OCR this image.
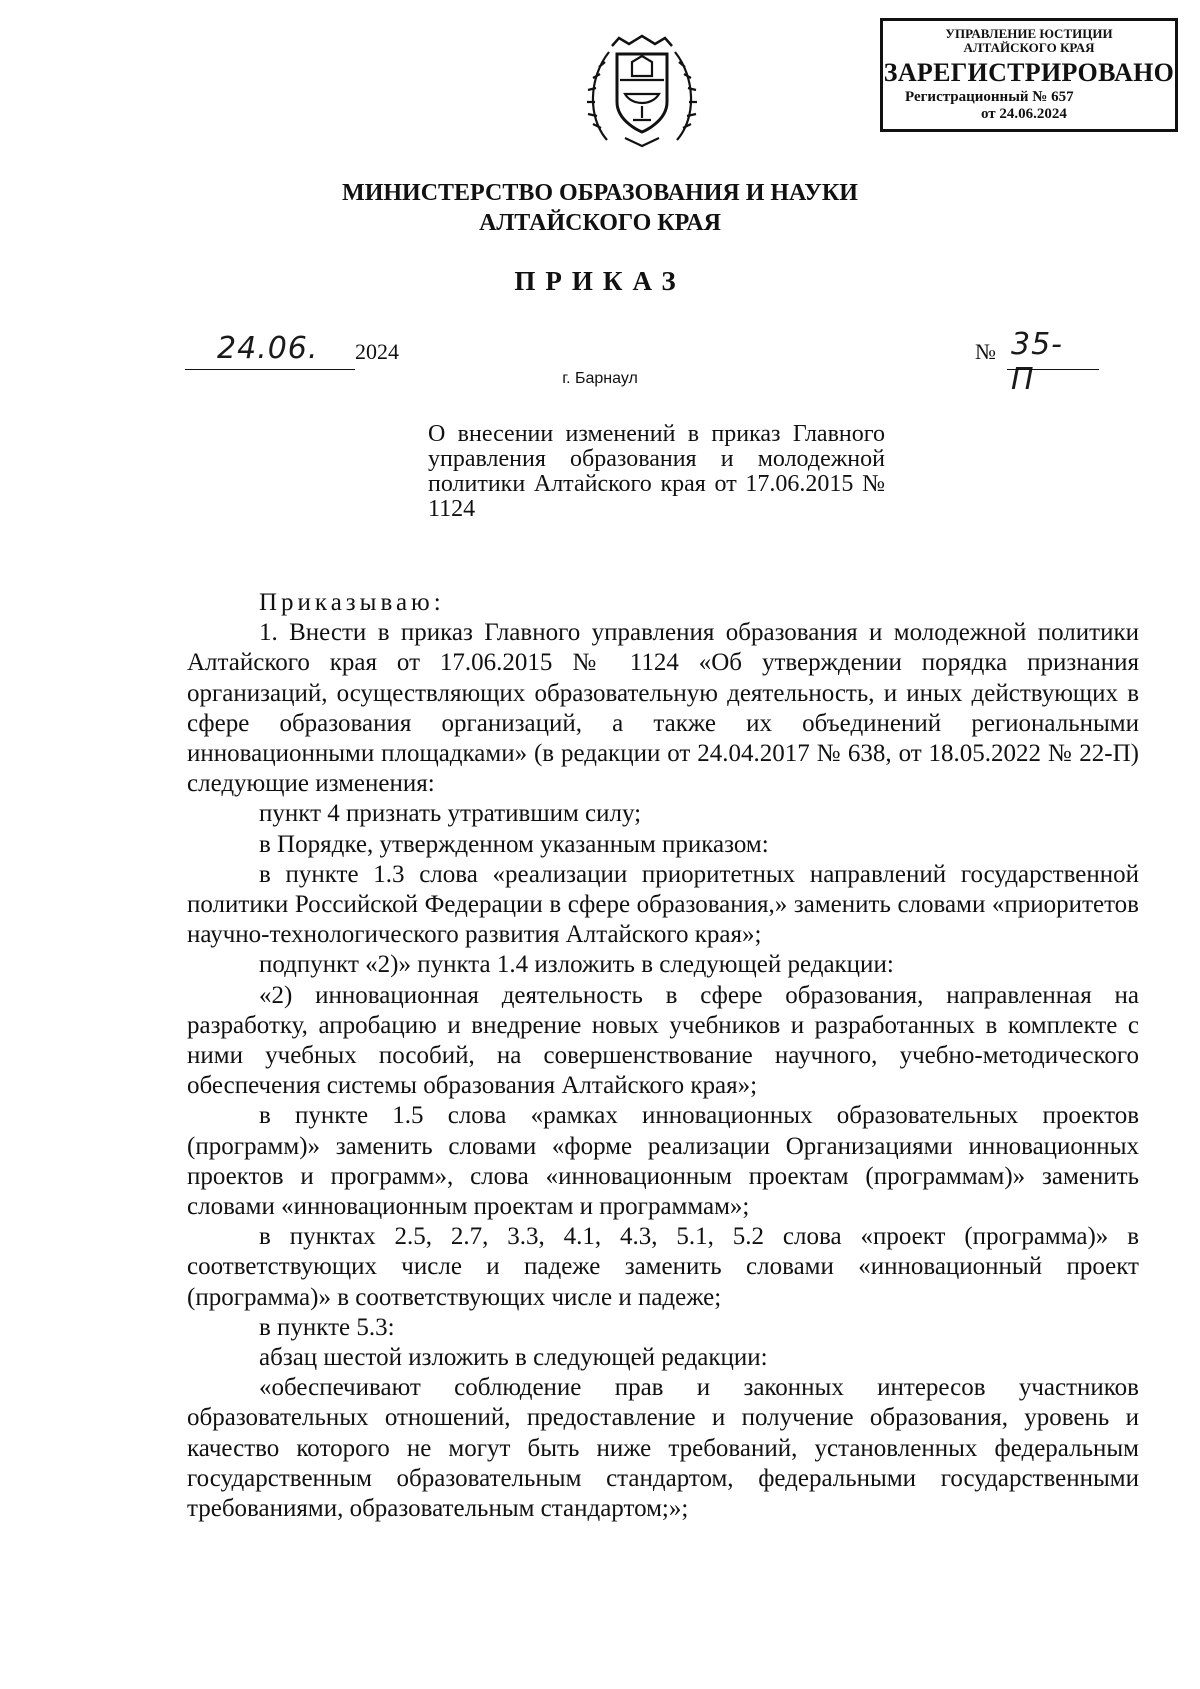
УПРАВЛЕНИЕ ЮСТИЦИИ
АЛТАЙСКОГО КРАЯ
ЗАРЕГИСТРИРОВАНО
Регистрационный № 657
от 24.06.2024
МИНИСТЕРСТВО ОБРАЗОВАНИЯ И НАУКИ
АЛТАЙСКОГО КРАЯ
ПРИКАЗ
24.06. 2024	№ 35-П
г. Барнаул
О внесении изменений в приказ Главного управления образования и молодежной политики Алтайского края от 17.06.2015 № 1124

Приказываю:

1. Внести в приказ Главного управления образования и молодежной политики Алтайского края от 17.06.2015 № 1124 «Об утверждении порядка признания организаций, осуществляющих образовательную деятельность, и иных действующих в сфере образования организаций, а также их объединений региональными инновационными площадками» (в редакции от 24.04.2017 № 638, от 18.05.2022 № 22-П) следующие изменения:

пункт 4 признать утратившим силу;

в Порядке, утвержденном указанным приказом:

в пункте 1.3 слова «реализации приоритетных направлений государственной политики Российской Федерации в сфере образования,» заменить словами «приоритетов научно-технологического развития Алтайского края»;

подпункт «2)» пункта 1.4 изложить в следующей редакции:

«2) инновационная деятельность в сфере образования, направленная на разработку, апробацию и внедрение новых учебников и разработанных в комплекте с ними учебных пособий, на совершенствование научного, учебно-методического обеспечения системы образования Алтайского края»;

в пункте 1.5 слова «рамках инновационных образовательных проектов (программ)» заменить словами «форме реализации Организациями инновационных проектов и программ», слова «инновационным проектам (программам)» заменить словами «инновационным проектам и программам»;

в пунктах 2.5, 2.7, 3.3, 4.1, 4.3, 5.1, 5.2 слова «проект (программа)» в соответствующих числе и падеже заменить словами «инновационный проект (программа)» в соответствующих числе и падеже;

в пункте 5.3:

абзац шестой изложить в следующей редакции:

«обеспечивают соблюдение прав и законных интересов участников образовательных отношений, предоставление и получение образования, уровень и качество которого не могут быть ниже требований, установленных федеральным государственным образовательным стандартом, федеральными государственными требованиями, образовательным стандартом;»;
